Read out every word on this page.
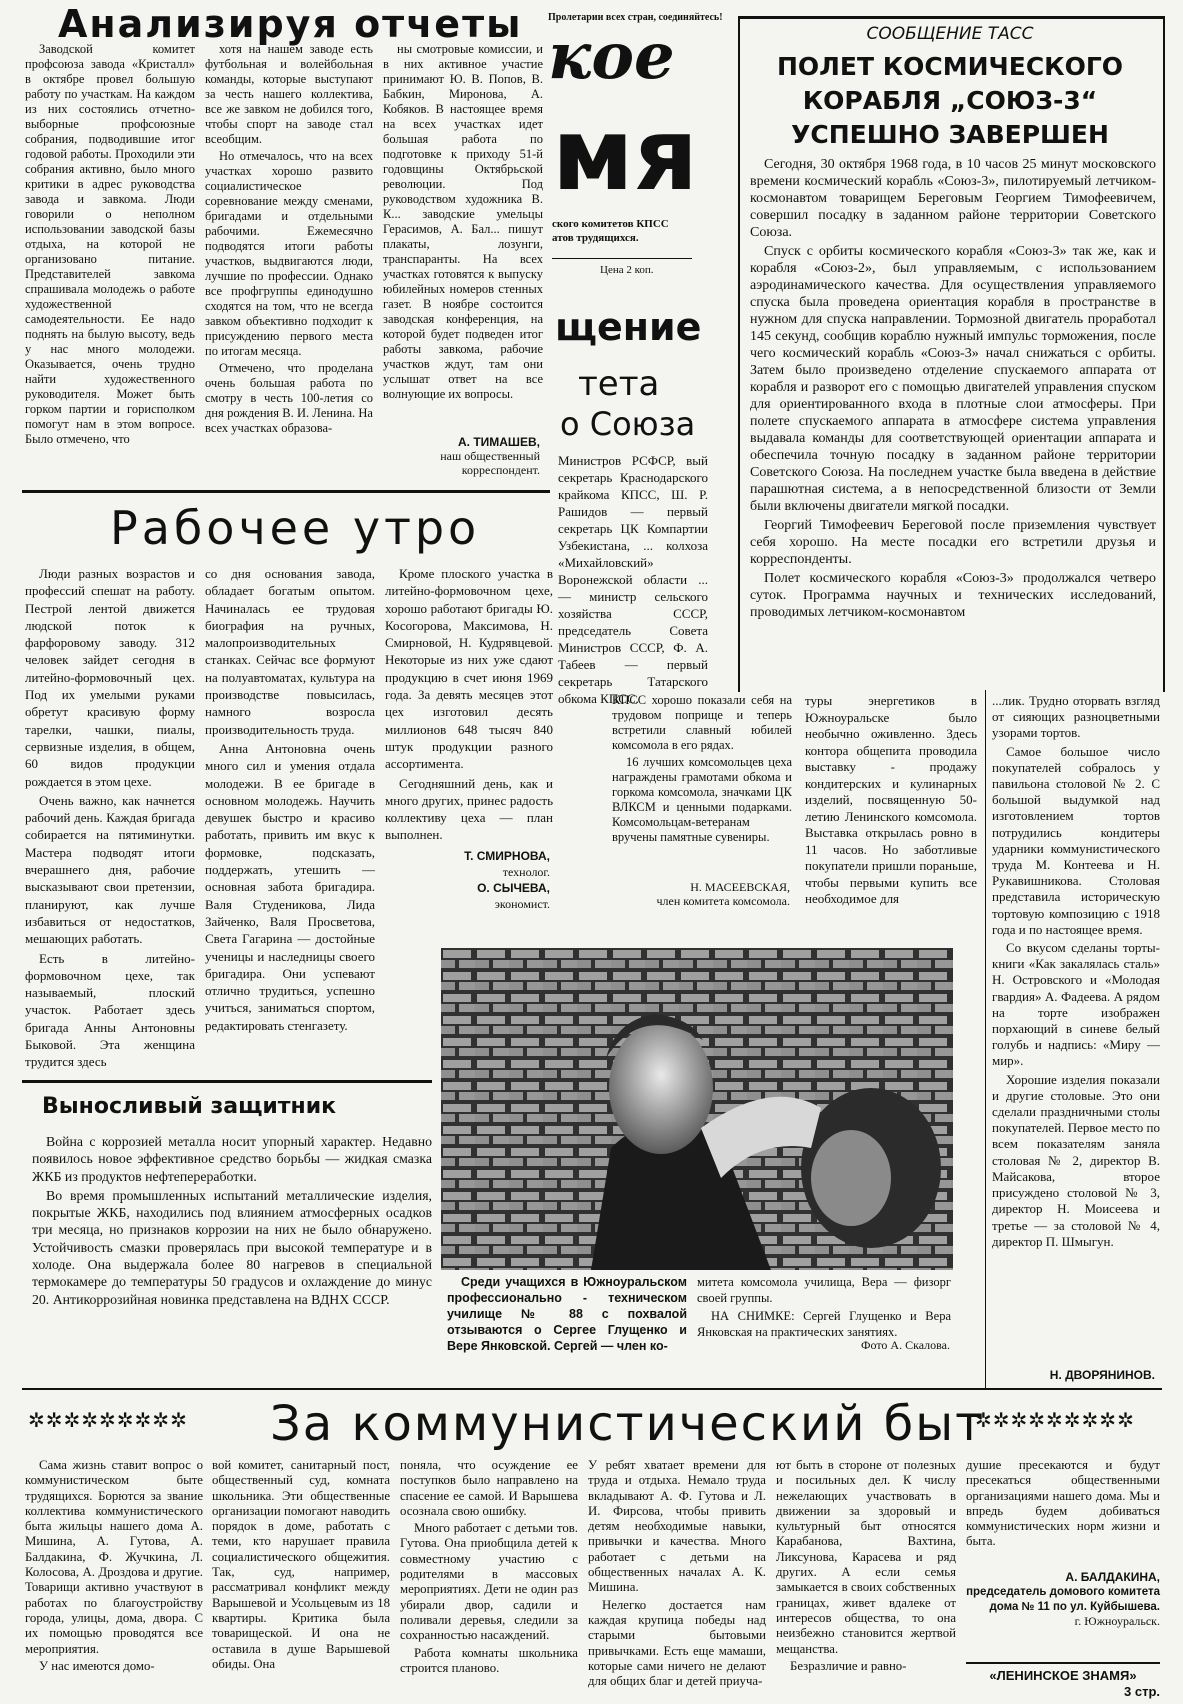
Анализируя отчеты

Заводской комитет профсоюза завода «Кристалл» в октябре провел большую работу по участкам. На каждом из них состоялись отчетно-выборные профсоюзные собрания, подводившие итог годовой работы. Проходили эти собрания активно, было много критики в адрес руководства завода и завкома. Люди говорили о неполном использовании заводской базы отдыха, на которой не организовано питание. Представителей завкома спрашивала молодежь о работе художественной самодеятельности. Ее надо поднять на былую высоту, ведь у нас много молодежи. Оказывается, очень трудно найти художественного руководителя. Может быть горком партии и горисполком помогут нам в этом вопросе. Было отмечено, что

хотя на нашем заводе есть футбольная и волейбольная команды, которые выступают за честь нашего коллектива, все же завком не добился того, чтобы спорт на заводе стал всеобщим.

Но отмечалось, что на всех участках хорошо развито социалистическое соревнование между сменами, бригадами и отдельными рабочими. Ежемесячно подводятся итоги работы участков, выдвигаются люди, лучшие по профессии. Однако все профгруппы единодушно сходятся на том, что не всегда завком объективно подходит к присуждению первого места по итогам месяца.

Отмечено, что проделана очень большая работа по смотру в честь 100-летия со дня рождения В. И. Ленина. На всех участках образова-

ны смотровые комиссии, и в них активное участие принимают Ю. В. Попов, В. Бабкин, Миронова, А. Кобяков. В настоящее время на всех участках идет большая работа по подготовке к приходу 51-й годовщины Октябрьской революции. Под руководством художника В. К... заводские умельцы Герасимов, А. Бал... пишут плакаты, лозунги, транспаранты. На всех участках готовятся к выпуску юбилейных номеров стенных газет. В ноябре состоится заводская конференция, на которой будет подведен итог работы завкома, рабочие участков ждут, там они услышат ответ на все волнующие их вопросы.

А. ТИМАШЕВ,
наш общественный корреспондент.
Пролетарии всех стран, соединяйтесь!
кое
мя
ского комитетов КПСС
атов трудящихся.
Цена 2 коп.
щение
тета
о Союза

Министров РСФСР, вый секретарь Краснодарского крайкома КПСС, Ш. Р. Рашидов — первый секретарь ЦК Компартии Узбекистана, ... колхоза «Михайловский» Воронежской области ... — министр сельского хозяйства СССР, председатель Совета Министров СССР, Ф. А. Табеев — первый секретарь Татарского обкома КПСС.

СООБЩЕНИЕ ТАСС
ПОЛЕТ КОСМИЧЕСКОГО
КОРАБЛЯ „СОЮЗ-3“
УСПЕШНО ЗАВЕРШЕН

Сегодня, 30 октября 1968 года, в 10 часов 25 минут московского времени космический корабль «Союз-3», пилотируемый летчиком-космонавтом товарищем Береговым Георгием Тимофеевичем, совершил посадку в заданном районе территории Советского Союза.

Спуск с орбиты космического корабля «Союз-3» так же, как и корабля «Союз-2», был управляемым, с использованием аэродинамического качества. Для осуществления управляемого спуска была проведена ориентация корабля в пространстве в нужном для спуска направлении. Тормозной двигатель проработал 145 секунд, сообщив кораблю нужный импульс торможения, после чего космический корабль «Союз-3» начал снижаться с орбиты. Затем было произведено отделение спускаемого аппарата от корабля и разворот его с помощью двигателей управления спуском для ориентированного входа в плотные слои атмосферы. При полете спускаемого аппарата в атмосфере система управления выдавала команды для соответствующей ориентации аппарата и обеспечила точную посадку в заданном районе территории Советского Союза. На последнем участке была введена в действие парашютная система, а в непосредственной близости от Земли были включены двигатели мягкой посадки.

Георгий Тимофеевич Береговой после приземления чувствует себя хорошо. На месте посадки его встретили друзья и корреспонденты.

Полет космического корабля «Союз-3» продолжался четверо суток. Программа научных и технических исследований, проводимых летчиком-космонавтом

Рабочее утро

Люди разных возрастов и профессий спешат на работу. Пестрой лентой движется людской поток к фарфоровому заводу. 312 человек зайдет сегодня в литейно-формовочный цех. Под их умелыми руками обретут красивую форму тарелки, чашки, пиалы, сервизные изделия, в общем, 60 видов продукции рождается в этом цехе.

Очень важно, как начнется рабочий день. Каждая бригада собирается на пятиминутки. Мастера подводят итоги вчерашнего дня, рабочие высказывают свои претензии, планируют, как лучше избавиться от недостатков, мешающих работать.

Есть в литейно-формовочном цехе, так называемый, плоский участок. Работает здесь бригада Анны Антоновны Быковой. Эта женщина трудится здесь

со дня основания завода, обладает богатым опытом. Начиналась ее трудовая биография на ручных, малопроизводительных станках. Сейчас все формуют на полуавтоматах, культура на производстве повысилась, намного возросла производительность труда.

Анна Антоновна очень много сил и умения отдала молодежи. В ее бригаде в основном молодежь. Научить девушек быстро и красиво работать, привить им вкус к формовке, подсказать, поддержать, утешить — основная забота бригадира. Валя Студеникова, Лида Зайченко, Валя Просветова, Света Гагарина — достойные ученицы и наследницы своего бригадира. Они успевают отлично трудиться, успешно учиться, заниматься спортом, редактировать стенгазету.

Кроме плоского участка в литейно-формовочном цехе, хорошо работают бригады Ю. Косогорова, Максимова, Н. Смирновой, Н. Кудрявцевой. Некоторые из них уже сдают продукцию в счет июня 1969 года. За девять месяцев этот цех изготовил десять миллионов 648 тысяч 840 штук продукции разного ассортимента.

Сегодняшний день, как и много других, принес радость коллективу цеха — план выполнен.

Т. СМИРНОВА,
технолог.
О. СЫЧЕВА,
экономист.

КПСС хорошо показали себя на трудовом поприще и теперь встретили славный юбилей комсомола в его рядах.

16 лучших комсомольцев цеха награждены грамотами обкома и горкома комсомола, значками ЦК ВЛКСМ и ценными подарками. Комсомольцам-ветеранам вручены памятные сувениры.

Н. МАСЕЕВСКАЯ,
член комитета комсомола.

туры энергетиков в Южноуральске было необычно оживленно. Здесь контора общепита проводила выставку - продажу кондитерских и кулинарных изделий, посвященную 50-летию Ленинского комсомола. Выставка открылась ровно в 11 часов. Но заботливые покупатели пришли пораньше, чтобы первыми купить все необходимое для

...лик. Трудно оторвать взгляд от сияющих разноцветными узорами тортов.

Самое большое число покупателей собралось у павильона столовой № 2. С большой выдумкой над изготовлением тортов потрудились кондитеры ударники коммунистического труда М. Контеева и Н. Рукавишникова. Столовая представила историческую тортовую композицию с 1918 года и по настоящее время.

Со вкусом сделаны торты-книги «Как закалялась сталь» Н. Островского и «Молодая гвардия» А. Фадеева. А рядом на торте изображен порхающий в синеве белый голубь и надпись: «Миру — мир».

Хорошие изделия показали и другие столовые. Это они сделали праздничными столы покупателей. Первое место по всем показателям заняла столовая № 2, директор В. Майсакова, второе присуждено столовой № 3, директор Н. Моисеева и третье — за столовой № 4, директор П. Шмыгун.

Н. ДВОРЯНИНОВ.

Среди учащихся в Южноуральском профессионально - техническом училище № 88 с похвалой отзываются о Сергее Глущенко и Вере Янковской. Сергей — член ко-

митета комсомола училища, Вера — физорг своей группы.

НА СНИМКЕ: Сергей Глущенко и Вера Янковская на практических занятиях.

Фото А. Скалова.
Выносливый защитник

Война с коррозией металла носит упорный характер. Недавно появилось новое эффективное средство борьбы — жидкая смазка ЖКБ из продуктов нефтепереработки.

Во время промышленных испытаний металлические изделия, покрытые ЖКБ, находились под влиянием атмосферных осадков три месяца, но признаков коррозии на них не было обнаружено. Устойчивость смазки проверялась при высокой температуре и в холоде. Она выдержала более 80 нагревов в специальной термокамере до температуры 50 градусов и охлаждение до минус 20. Антикоррозийная новинка представлена на ВДНХ СССР.

✲✲✲✲✲✲✲✲✲ За коммунистический быт
✲✲✲✲✲✲✲✲✲

Сама жизнь ставит вопрос о коммунистическом быте трудящихся. Борются за звание коллектива коммунистического быта жильцы нашего дома А. Мишина, А. Гутова, А. Балдакина, Ф. Жучкина, Л. Колосова, А. Дроздова и другие. Товарищи активно участвуют в работах по благоустройству города, улицы, дома, двора. С их помощью проводятся все мероприятия.

У нас имеются домо-

вой комитет, санитарный пост, общественный суд, комната школьника. Эти общественные организации помогают наводить порядок в доме, работать с теми, кто нарушает правила социалистического общежития. Так, суд, например, рассматривал конфликт между Варышевой и Усольцевым из 18 квартиры. Критика была товарищеской. И она не оставила в душе Варышевой обиды. Она

поняла, что осуждение ее поступков было направлено на спасение ее самой. И Варышева осознала свою ошибку.

Много работает с детьми тов. Гутова. Она приобщила детей к совместному участию с родителями в массовых мероприятиях. Дети не один раз убирали двор, садили и поливали деревья, следили за сохранностью насаждений.

Работа комнаты школьника строится планово.

У ребят хватает времени для труда и отдыха. Немало труда вкладывают А. Ф. Гутова и Л. И. Фирсова, чтобы привить детям необходимые навыки, привычки и качества. Много работает с детьми на общественных началах А. К. Мишина.

Нелегко достается нам каждая крупица победы над старыми бытовыми привычками. Есть еще мамаши, которые сами ничего не делают для общих благ и детей приуча-

ют быть в стороне от полезных и посильных дел. К числу нежелающих участвовать в движении за здоровый и культурный быт относятся Карабанова, Вахтина, Ликсунова, Карасева и ряд других. А если семья замыкается в своих собственных границах, живет вдалеке от интересов общества, то она неизбежно становится жертвой мещанства.

Безразличие и равно-

душие пресекаются и будут пресекаться общественными организациями нашего дома. Мы и впредь будем добиваться коммунистических норм жизни и быта.

А. БАЛДАКИНА,
председатель домового комитета дома № 11 по ул. Куйбышева.
г. Южноуральск.
«ЛЕНИНСКОЕ ЗНАМЯ»
3 стр.
